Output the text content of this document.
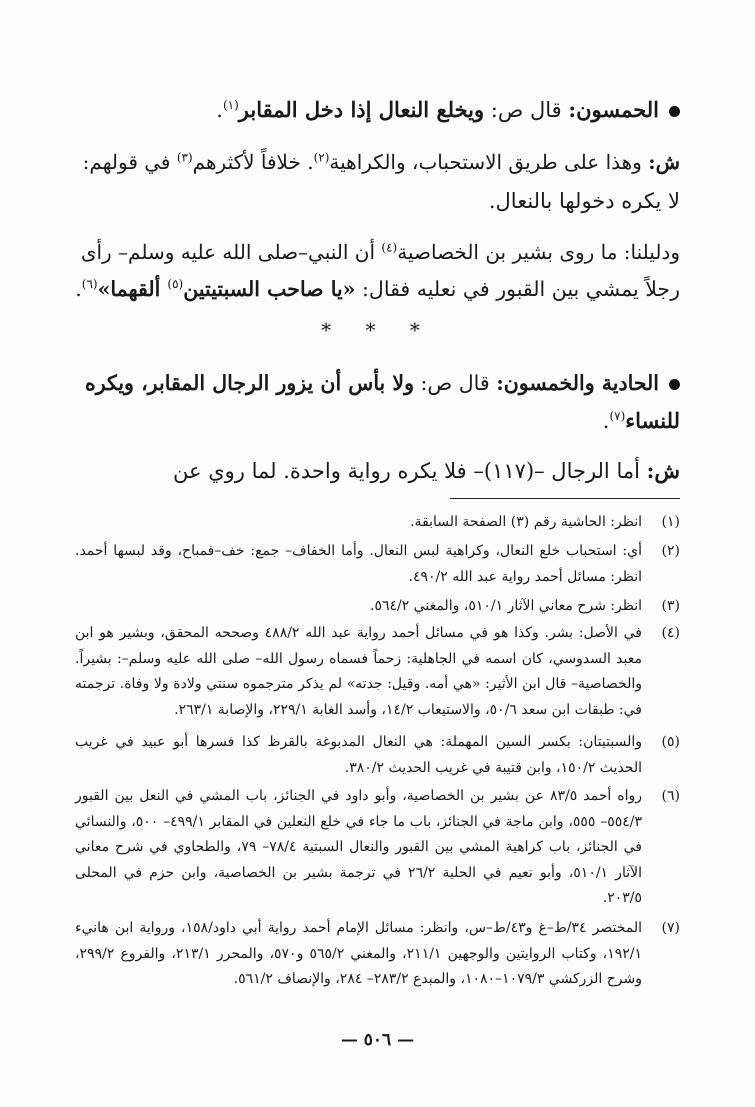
الحمسون: قال ص: ويخلع النعال إذا دخل المقابر$^{(١)}$.
ش: وهذا على طريق الاستحباب، والكراهية$^{(٢)}$. خلافاً لأكثرهم$^{(٣)}$ في قولهم:
لا يكره دخولها بالنعال.
ودليلنا: ما روى بشير بن الخصاصية$^{(٤)}$ أن النبي–صلى الله عليه وسلم– رأى
رجلاً يمشي بين القبور في نعليه فقال: «يا صاحب السبتيتين$^{(٥)}$ ألقهما»$^{(٦)}$.
الحادية والخمسون: قال ص: ولا بأس أن يزور الرجال المقابر، ويكره
للنساء$^{(٧)}$.
ش: أما الرجال –(١١٧)– فلا يكره رواية واحدة. لما روي عن
* * *
(١)
انظر: الحاشية رقم (٣) الصفحة السابقة.
(٢)
أي: استحباب خلع النعال، وكراهية لبس النعال. وأما الخفاف– جمع: خف–فمباح، وقد لبسها أحمد. انظر: مسائل أحمد رواية عبد الله ٤٩٠/٢.
(٣)
انظر: شرح معاني الآثار ٥١٠/١، والمغني ٥٦٤/٢.
(٤)
في الأصل: بشر. وكذا هو في مسائل أحمد رواية عبد الله ٤٨٨/٢ وصححه المحقق، وبشير هو ابن معبد السدوسي، كان اسمه في الجاهلية: زحماً فسماه رسول الله– صلى الله عليه وسلم–: بشيراً. والخصاصية– قال ابن الأثير: «هي أمه. وقيل: جدته» لم يذكر مترجموه سنتي ولادة ولا وفاة. ترجمته في: طبقات ابن سعد ٥٠/٦، والاستيعاب ١٤/٢، وأسد الغابة ٢٢٩/١، والإصابة ٢٦٣/١.
(٥)
والسبتيتان: بكسر السين المهملة: هي النعال المدبوغة بالقرظ كذا فسرها أبو عبيد في غريب الحديث ١٥٠/٢، وابن قتيبة في غريب الحديث ٣٨٠/٢.
(٦)
رواه أحمد ٨٣/٥ عن بشير بن الخصاصية، وأبو داود في الجنائز، باب المشي في النعل بين القبور ٥٥٤/٣– ٥٥٥، وابن ماجة في الجنائز، باب ما جاء في خلع النعلين في المقابر ٤٩٩/١– ٥٠٠، والنسائي في الجنائز، باب كراهية المشي بين القبور والنعال السبتية ٧٨/٤– ٧٩، والطحاوي في شرح معاني الآثار ٥١٠/١، وأبو نعيم في الحلية ٢٦/٢ في ترجمة بشير بن الخصاصية، وابن حزم في المحلى ٢٠٣/٥.
(٧)
المختصر ٣٤/ط–غ و٤٣/ط–س، وانظر: مسائل الإمام أحمد رواية أبي داود/١٥٨، ورواية ابن هانيء ١٩٢/١، وكتاب الروايتين والوجهين ٢١١/١، والمغني ٥٦٥/٢ و٥٧٠، والمحرر ٢١٣/١، والفروع ٢٩٩/٢، وشرح الزركشي ١٠٧٩/٣–١٠٨٠، والمبدع ٢٨٣/٢– ٢٨٤، والإنصاف ٥٦١/٢.
— ٥٠٦ —
